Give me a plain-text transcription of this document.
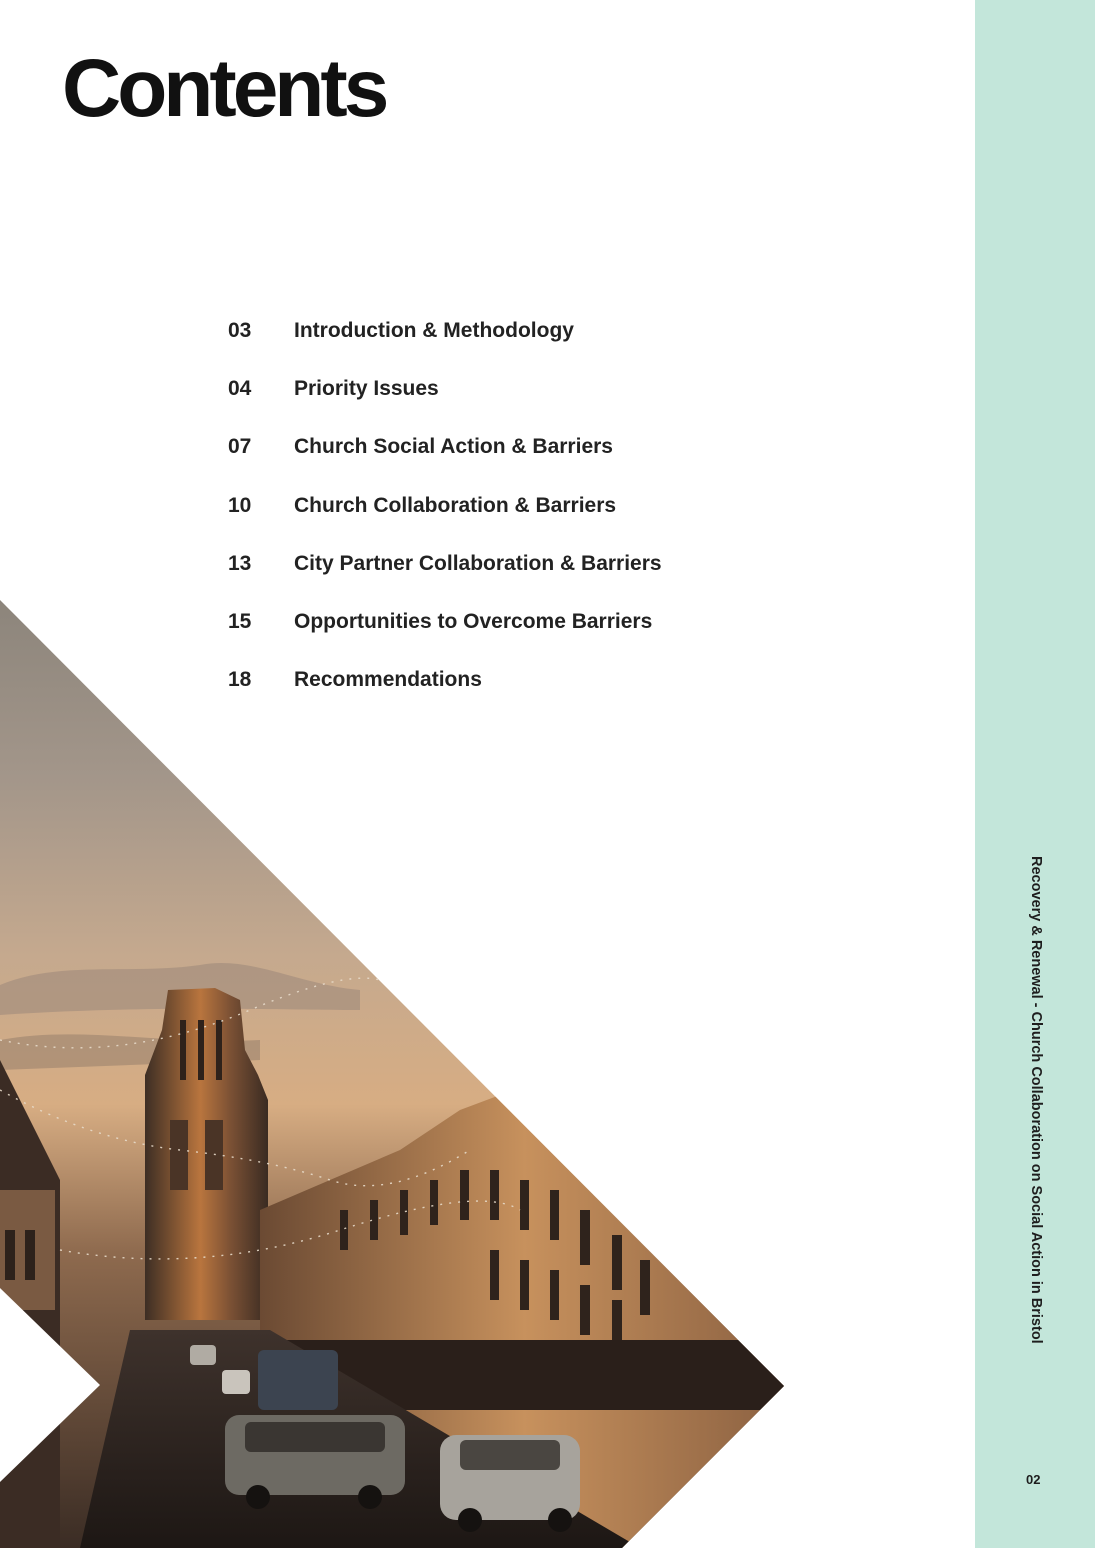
Contents
03	Introduction & Methodology
04	Priority Issues
07	Church Social Action & Barriers
10	Church Collaboration & Barriers
13	City Partner Collaboration & Barriers
15	Opportunities to Overcome Barriers
18	Recommendations
Recovery & Renewal - Church Collaboration on Social Action in Bristol
02
